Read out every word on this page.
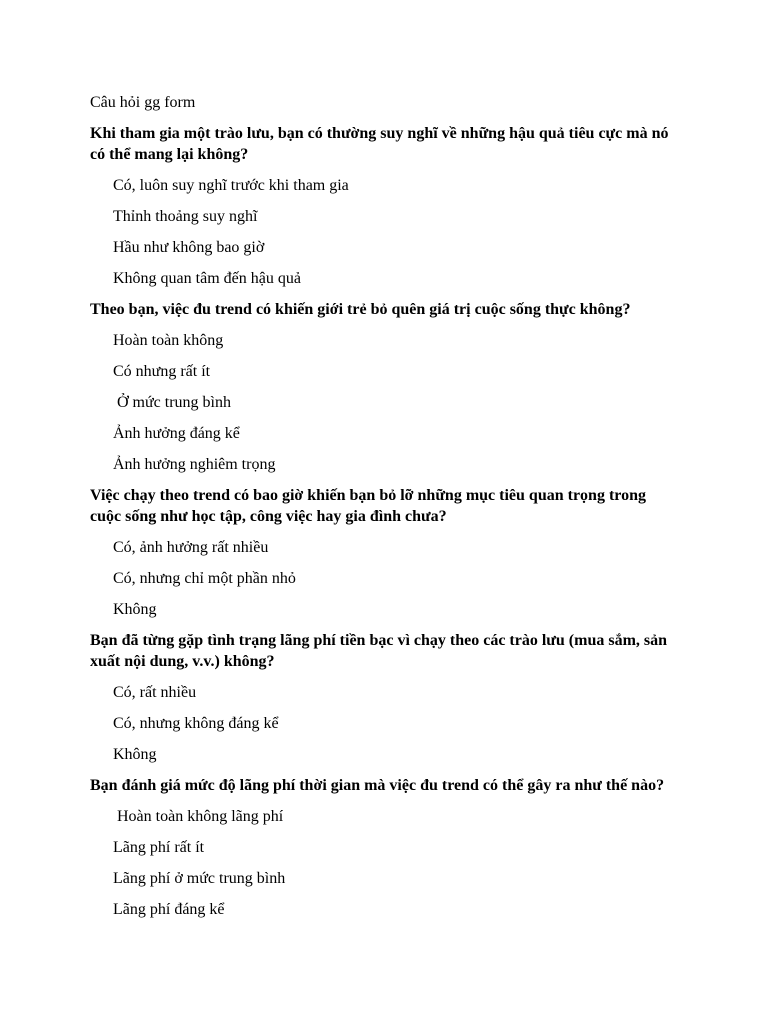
Câu hỏi gg form
Khi tham gia một trào lưu, bạn có thường suy nghĩ về những hậu quả tiêu cực mà nó có thể mang lại không?
Có, luôn suy nghĩ trước khi tham gia
Thỉnh thoảng suy nghĩ
Hầu như không bao giờ
Không quan tâm đến hậu quả
Theo bạn, việc đu trend có khiến giới trẻ bỏ quên giá trị cuộc sống thực không?
Hoàn toàn không
Có nhưng rất ít
Ở mức trung bình
Ảnh hưởng đáng kể
Ảnh hưởng nghiêm trọng
Việc chạy theo trend có bao giờ khiến bạn bỏ lỡ những mục tiêu quan trọng trong cuộc sống như học tập, công việc hay gia đình chưa?
Có, ảnh hưởng rất nhiều
Có, nhưng chỉ một phần nhỏ
Không
Bạn đã từng gặp tình trạng lãng phí tiền bạc vì chạy theo các trào lưu (mua sắm, sản xuất nội dung, v.v.) không?
Có, rất nhiều
Có, nhưng không đáng kể
Không
Bạn đánh giá mức độ lãng phí thời gian mà việc đu trend có thể gây ra như thế nào?
Hoàn toàn không lãng phí
Lãng phí rất ít
Lãng phí ở mức trung bình
Lãng phí đáng kể
